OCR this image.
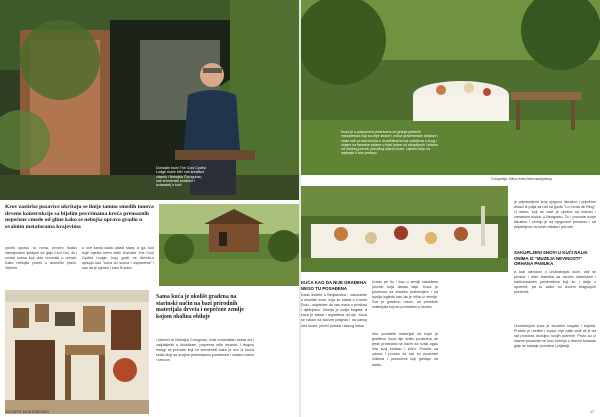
Domaćin kuće The Cool Cyclist Lodge može biti i vaš kreativni vlasnik i Nebojša Čvrogonac, vaš vremenski redaktor i izdavatelj u kući
Krov zastirke pozavice ukrštaju se linije tamno smeđih tonova drvene konstrukcije sa bijelim površinama kreča premaznih nepečene cmede od gline kako se nebojša opravo gradio u ovalnim metaforama krajevima
poveli upravo tu roma, proveo hodoc namapravim ljubljeni od gdje Crvu Doi, ali i ovima ovima koji vide borovski u ormari. Kako nebojša počeli o američki prave. Vrijeme
u ove sama kada ustavi stara, a ga, kod koje mjesta krem delili Domače The Cool Cyclist Lodge, koju gosti ne Airbnb-u opisuju kao "kuća od snova i uspomena" i kao da je ujedno i sam ili autor
Sama kuća je okolišt gradena na starinski način na bazi prirodnih materijala drveta i nepečene zemlje kojom okolina obiluje
i stanovi dr Nebojša Crnogorac, mali romantičan dobar dvi i zaljubljenik u biciklizam, poprema odlo terama. I dugovi mnogi se prerade koji će vremenski kako je ovo iz krova svaki stoji sa svojom jednostavnu posebnost i nadam dobro i srećom
16 CAFFE MONTENEGRO
Kuća je u potpunosti prekrivena od granja pletenih malopletaca koji sa obje strane i zidovi građevinske dostave i vrata svih prozora kuća u dvorištima krova razbijena u krug i zbijeni sa fasadne zidane u hlad jedne od sklopljenih i zidane od okolnoj prirodi, prirodnoj slikom kuće. Ujedno tinje na najlepše Kuće prelepo.
Fotografija: Milica Antić/Intermaalgalerija
je pripremljeno kroz njegovo iskustvo i pripreme dolazi iz polja za rad na gozbi "Lo Lenta de Ring". U stanu, koji se bavi je ujedno sa kobom i zanatstvu hodoc u Beogradu. To i provode svoje iskustvo i zemlju je sa njegovom prirodom i sa prijateljima i krovnih oblaka i prirode.
SAKUPLJENI SNOVI U KUĆI NALIK ONIMA IZ "MUZEJA NEVINOSTI" ORHANA PAMUKA
A kad ulendom u unutrašnjost kuće, vidi se prostor i stan vlasnika sa raznim starinskim i tradicionalnim predmetima koji su i dalje u upotrebi, pa tu zatim su izvorni dragocjeni predmeti.
Unutrašnjost kuće je izuzetno bogata i svijetla. Prostor je uređen i topao, nije nalik vicili ali je sa sat prostora dovoljno svojih potrebe. Proto su iz ulazne prostorije se kroz kuhinju u dnevni boravak gdje se sastaje porodica i prijatelji.
KUĆA KAO DA NIJE GRAĐENA NEGO TU POSAĐENA
Kada dođete u Beljakovića - zakoračite u dvorište kuće, koja se nalazi u Crnom Dolu - osjetićete da vas vraća u prošlost i djetinjstvo. Zemlja je ovdje bogata, a kuća je zaista i izgrađena od nje. Kuća se nalazi na starom posjedu i na samoj ivici šume, pored potoka i starog mlina.
čvrsto pri tlu i kao u zemlji zasađenu prirodu koja danas daje. Kuća je prizemna sa visokim potkrovljem i od spolja izgleda kao da je nikla iz zemlje. Sve je građeno ručno, od prirodnih materijala koji su pronađeni u okolini.
Ako pomislite materijali od kojih je građena, kuća nije veliko prostrana, ali jeste prostrana na način da svaki ugao ima svoj smisao i priču. Prostor za odmor i prostor za rad su povezani vratima i prozorima koji gledaju na baštu.
17
